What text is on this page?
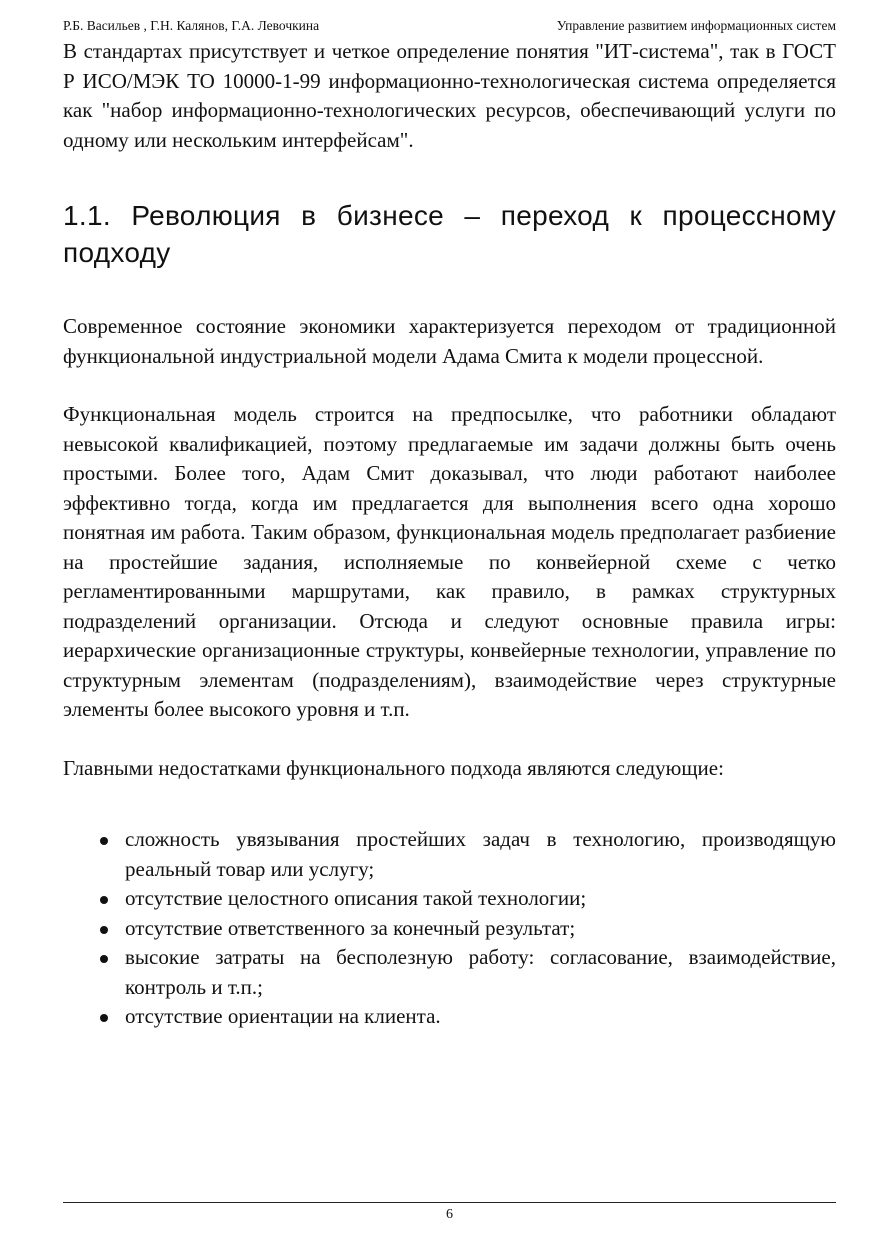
Р.Б. Васильев , Г.Н. Калянов, Г.А. Левочкина	Управление развитием информационных систем

В стандартах присутствует и четкое определение понятия "ИТ-система", так в ГОСТ Р ИСО/МЭК ТО 10000-1-99 информационно-технологическая система определяется как "набор информационно-технологических ресурсов, обеспечивающий услуги по одному или нескольким интерфейсам".

1.1. Революция в бизнесе – переход к процессному подходу

Современное состояние экономики характеризуется переходом от традиционной функциональной индустриальной модели Адама Смита к модели процессной.

Функциональная модель строится на предпосылке, что работники обладают невысокой квалификацией, поэтому предлагаемые им задачи должны быть очень простыми. Более того, Адам Смит доказывал, что люди работают наиболее эффективно тогда, когда им предлагается для выполнения всего одна хорошо понятная им работа. Таким образом, функциональная модель предполагает разбиение на простейшие задания, исполняемые по конвейерной схеме с четко регламентированными маршрутами, как правило, в рамках структурных подразделений организации. Отсюда и следуют основные правила игры: иерархические организационные структуры, конвейерные технологии, управление по структурным элементам (подразделениям), взаимодействие через структурные элементы более высокого уровня и т.п.

Главными недостатками функционального подхода являются следующие:

сложность увязывания простейших задач в технологию, производящую реальный товар или услугу;
отсутствие целостного описания такой технологии;
отсутствие ответственного за конечный результат;
высокие затраты на бесполезную работу: согласование, взаимодействие, контроль и т.п.;
отсутствие ориентации на клиента.
6
